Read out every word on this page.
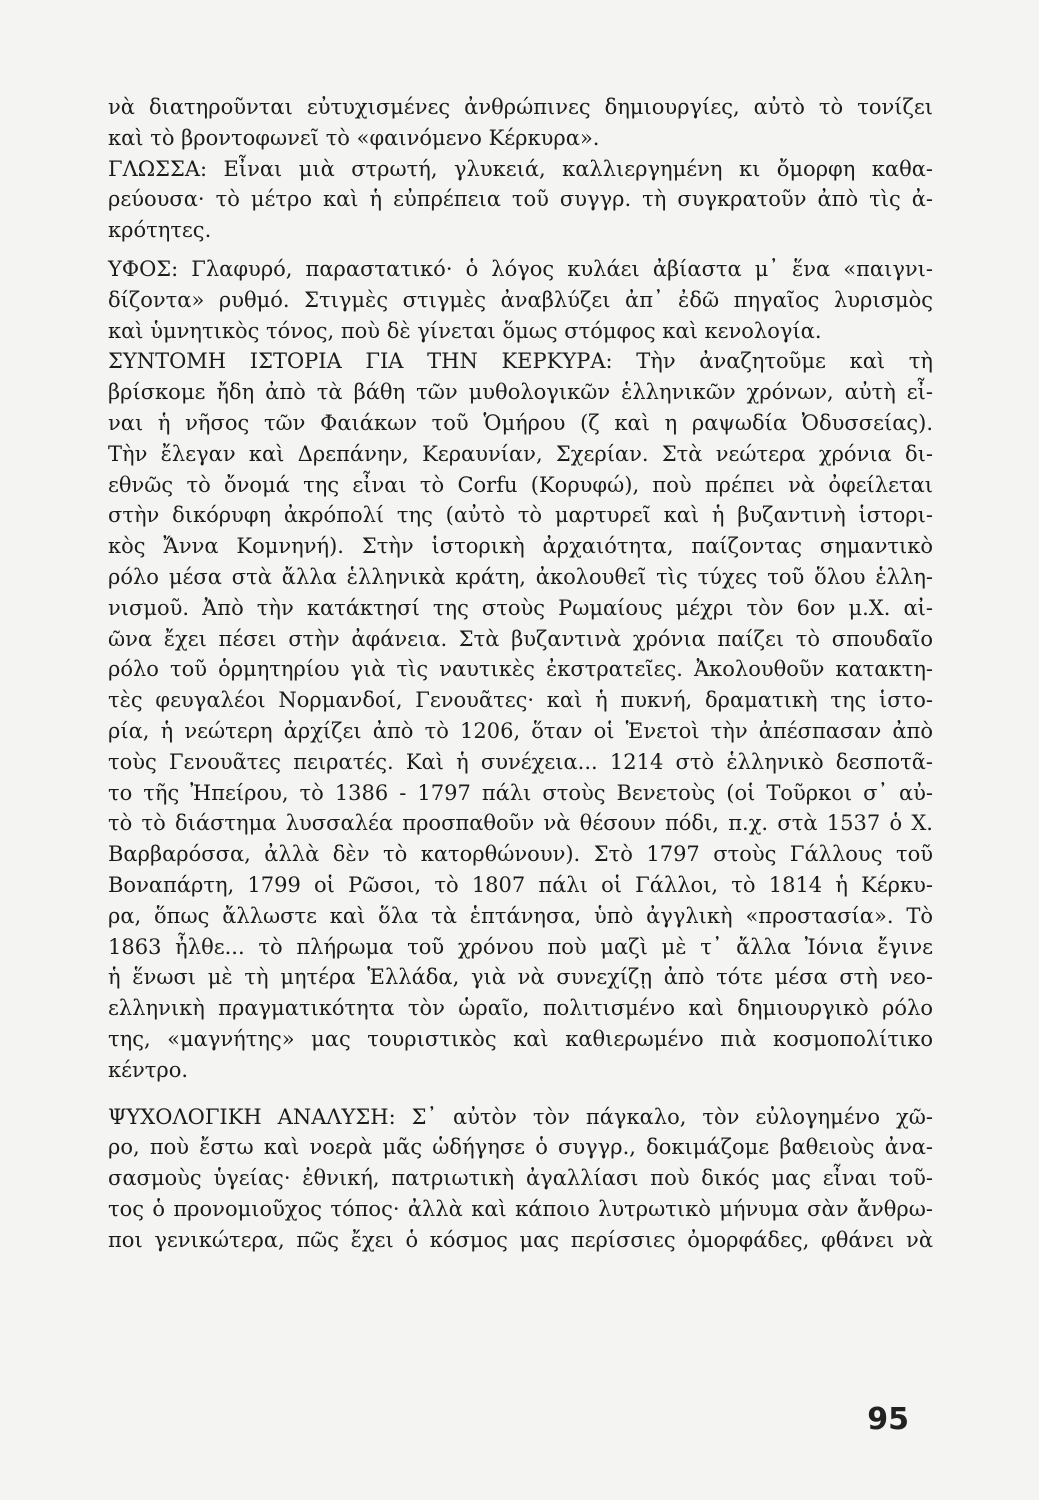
νὰ διατηροῦνται εὐτυχισμένες ἀνθρώπινες δημιουργίες, αὐτὸ τὸ τονίζει
καὶ τὸ βροντοφωνεῖ τὸ «φαινόμενο Κέρκυρα».
ΓΛΩΣΣΑ: Εἶναι μιὰ στρωτή, γλυκειά, καλλιεργημένη κι ὄμορφη καθα-
ρεύουσα· τὸ μέτρο καὶ ἡ εὐπρέπεια τοῦ συγγρ. τὴ συγκρατοῦν ἀπὸ τὶς ἀ-
κρότητες.
ΥΦΟΣ: Γλαφυρό, παραστατικό· ὁ λόγος κυλάει ἀβίαστα μ᾿ ἕνα «παιγνι-
δίζοντα» ρυθμό. Στιγμὲς στιγμὲς ἀναβλύζει ἀπ᾿ ἐδῶ πηγαῖος λυρισμὸς
καὶ ὑμνητικὸς τόνος, ποὺ δὲ γίνεται ὅμως στόμφος καὶ κενολογία.
ΣΥΝΤΟΜΗ ΙΣΤΟΡΙΑ ΓΙΑ ΤΗΝ ΚΕΡΚΥΡΑ: Τὴν ἀναζητοῦμε καὶ τὴ
βρίσκομε ἤδη ἀπὸ τὰ βάθη τῶν μυθολογικῶν ἑλληνικῶν χρόνων, αὐτὴ εἶ-
ναι ἡ νῆσος τῶν Φαιάκων τοῦ Ὁμήρου (ζ καὶ η ραψωδία Ὀδυσσείας).
Τὴν ἔλεγαν καὶ Δρεπάνην, Κεραυνίαν, Σχερίαν. Στὰ νεώτερα χρόνια δι-
εθνῶς τὸ ὄνομά της εἶναι τὸ Corfu (Κορυφώ), ποὺ πρέπει νὰ ὀφείλεται
στὴν δικόρυφη ἀκρόπολί της (αὐτὸ τὸ μαρτυρεῖ καὶ ἡ βυζαντινὴ ἱστορι-
κὸς Ἄννα Κομνηνή). Στὴν ἱστορικὴ ἀρχαιότητα, παίζοντας σημαντικὸ
ρόλο μέσα στὰ ἄλλα ἑλληνικὰ κράτη, ἀκολουθεῖ τὶς τύχες τοῦ ὅλου ἑλλη-
νισμοῦ. Ἀπὸ τὴν κατάκτησί της στοὺς Ρωμαίους μέχρι τὸν 6ον μ.Χ. αἰ-
ῶνα ἔχει πέσει στὴν ἀφάνεια. Στὰ βυζαντινὰ χρόνια παίζει τὸ σπουδαῖο
ρόλο τοῦ ὁρμητηρίου γιὰ τὶς ναυτικὲς ἐκστρατεῖες. Ἀκολουθοῦν κατακτη-
τὲς φευγαλέοι Νορμανδοί, Γενουᾶτες· καὶ ἡ πυκνή, δραματικὴ της ἱστο-
ρία, ἡ νεώτερη ἀρχίζει ἀπὸ τὸ 1206, ὅταν οἱ Ἑνετοὶ τὴν ἀπέσπασαν ἀπὸ
τοὺς Γενουᾶτες πειρατές. Καὶ ἡ συνέχεια... 1214 στὸ ἑλληνικὸ δεσποτᾶ-
το τῆς Ἠπείρου, τὸ 1386 - 1797 πάλι στοὺς Βενετοὺς (οἱ Τοῦρκοι σ᾿ αὐ-
τὸ τὸ διάστημα λυσσαλέα προσπαθοῦν νὰ θέσουν πόδι, π.χ. στὰ 1537 ὁ Χ.
Βαρβαρόσσα, ἀλλὰ δὲν τὸ κατορθώνουν). Στὸ 1797 στοὺς Γάλλους τοῦ
Βοναπάρτη, 1799 οἱ Ρῶσοι, τὸ 1807 πάλι οἱ Γάλλοι, τὸ 1814 ἡ Κέρκυ-
ρα, ὅπως ἄλλωστε καὶ ὅλα τὰ ἑπτάνησα, ὑπὸ ἀγγλικὴ «προστασία». Τὸ
1863 ἦλθε... τὸ πλήρωμα τοῦ χρόνου ποὺ μαζὶ μὲ τ᾿ ἄλλα Ἰόνια ἔγινε
ἡ ἕνωσι μὲ τὴ μητέρα Ἑλλάδα, γιὰ νὰ συνεχίζῃ ἀπὸ τότε μέσα στὴ νεο-
ελληνικὴ πραγματικότητα τὸν ὡραῖο, πολιτισμένο καὶ δημιουργικὸ ρόλο
της, «μαγνήτης» μας τουριστικὸς καὶ καθιερωμένο πιὰ κοσμοπολίτικο
κέντρο.
ΨΥΧΟΛΟΓΙΚΗ ΑΝΑΛΥΣΗ: Σ᾿ αὐτὸν τὸν πάγκαλο, τὸν εὐλογημένο χῶ-
ρο, ποὺ ἔστω καὶ νοερὰ μᾶς ὡδήγησε ὁ συγγρ., δοκιμάζομε βαθειοὺς ἀνα-
σασμοὺς ὑγείας· ἐθνική, πατριωτικὴ ἀγαλλίασι ποὺ δικός μας εἶναι τοῦ-
τος ὁ προνομιοῦχος τόπος· ἀλλὰ καὶ κάποιο λυτρωτικὸ μήνυμα σὰν ἄνθρω-
ποι γενικώτερα, πῶς ἔχει ὁ κόσμος μας περίσσιες ὀμορφάδες, φθάνει νὰ
95
